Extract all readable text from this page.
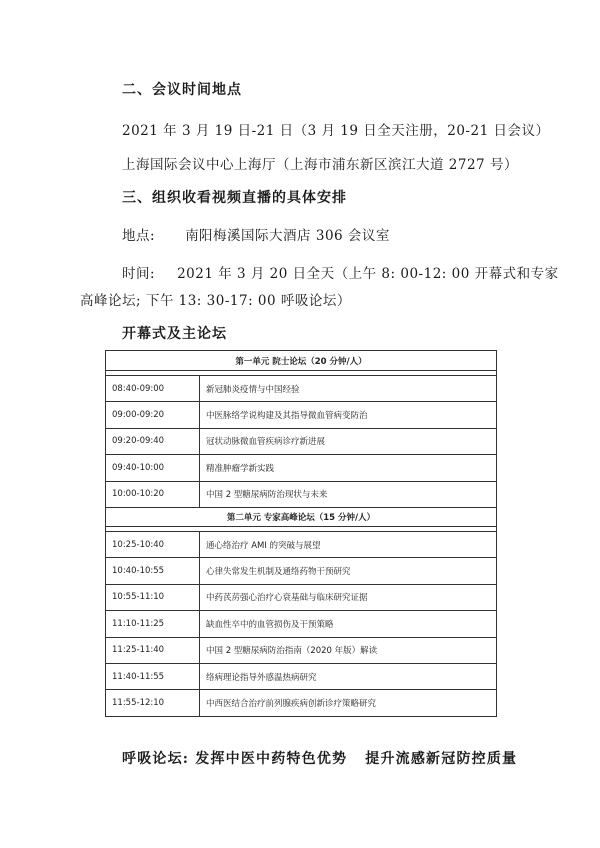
二、会议时间地点
2021 年 3 月 19 日-21 日（3 月 19 日全天注册，20-21 日会议）
上海国际会议中心上海厅（上海市浦东新区滨江大道 2727 号）
三、组织收看视频直播的具体安排
地点: 南阳梅溪国际大酒店 306 会议室
时间: 2021 年 3 月 20 日全天（上午 8: 00-12: 00 开幕式和专家
高峰论坛; 下午 13: 30-17: 00 呼吸论坛）
开幕式及主论坛
第一单元 院士论坛（20 分钟/人）	

08:40-09:00	新冠肺炎疫情与中国经验
09:00-09:20	中医脉络学说构建及其指导微血管病变防治
09:20-09:40	冠状动脉微血管疾病诊疗新进展
09:40-10:00	精准肿瘤学新实践
10:00-10:20	中国 2 型糖尿病防治现状与未来
第二单元 专家高峰论坛（15 分钟/人）	

10:25-10:40	通心络治疗 AMI 的突破与展望
10:40-10:55	心律失常发生机制及通络药物干预研究
10:55-11:10	中药芪苈强心治疗心衰基础与临床研究证据
11:10-11:25	缺血性卒中的血管损伤及干预策略
11:25-11:40	中国 2 型糖尿病防治指南（2020 年版）解读
11:40-11:55	络病理论指导外感温热病研究
11:55-12:10	中西医结合治疗前列腺疾病创新诊疗策略研究
呼吸论坛: 发挥中医中药特色优势 提升流感新冠防控质量
